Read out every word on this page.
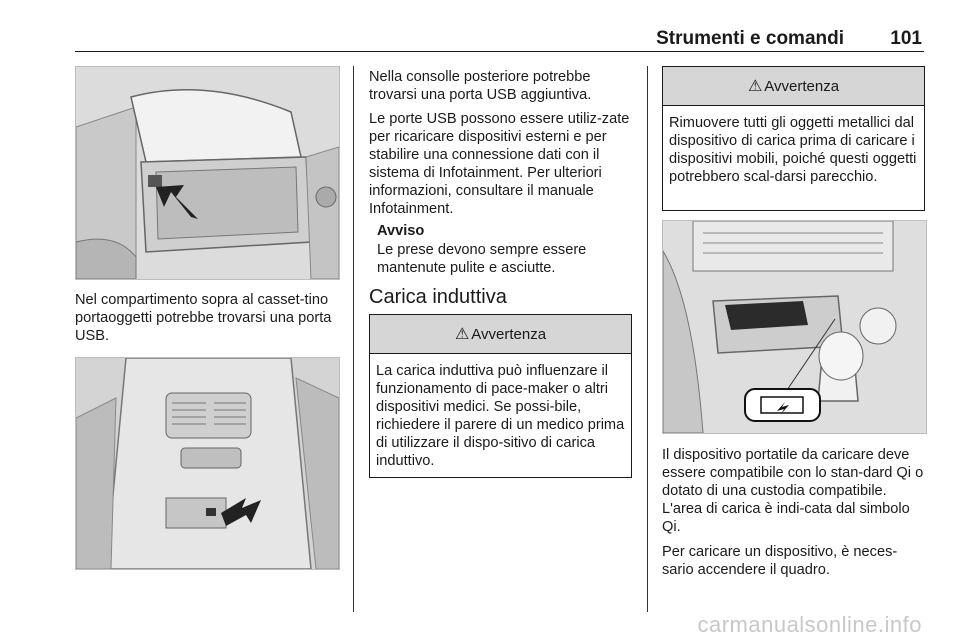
Strumenti e comandi 101

Nel compartimento sopra al casset-tino portaoggetti potrebbe trovarsi una porta USB.

Nella consolle posteriore potrebbe trovarsi una porta USB aggiuntiva.

Le porte USB possono essere utiliz-zate per ricaricare dispositivi esterni e per stabilire una connessione dati con il sistema di Infotainment. Per ulteriori informazioni, consultare il manuale Infotainment.

Avviso
Le prese devono sempre essere mantenute pulite e asciutte.
Carica induttiva
⚠ Avvertenza
La carica induttiva può influenzare il funzionamento di pace-maker o altri dispositivi medici. Se possi-bile, richiedere il parere di un medico prima di utilizzare il dispo-sitivo di carica induttivo.
⚠ Avvertenza
Rimuovere tutti gli oggetti metallici dal dispositivo di carica prima di caricare i dispositivi mobili, poiché questi oggetti potrebbero scal-darsi parecchio.

Il dispositivo portatile da caricare deve essere compatibile con lo stan-dard Qi o dotato di una custodia compatibile. L'area di carica è indi-cata dal simbolo Qi.

Per caricare un dispositivo, è neces-sario accendere il quadro.

carmanualsonline.info
